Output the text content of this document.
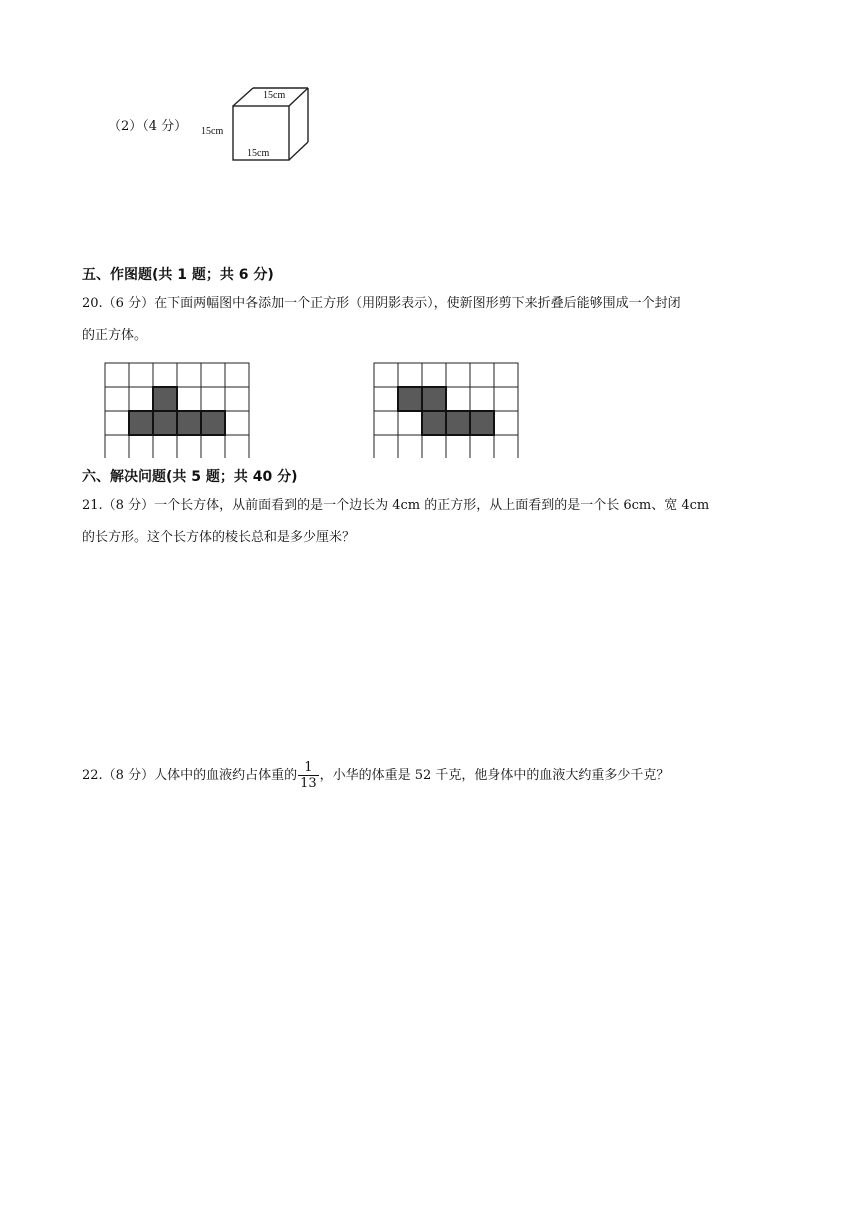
（2）（4 分）
15cm
15cm
15cm
五、作图题(共 1 题；共 6 分)
20.（6 分）在下面两幅图中各添加一个正方形（用阴影表示），使新图形剪下来折叠后能够围成一个封闭
的正方体。
六、解决问题(共 5 题；共 40 分)
21.（8 分）一个长方体，从前面看到的是一个边长为 4cm 的正方形，从上面看到的是一个长 6cm、宽 4cm
的长方形。这个长方体的棱长总和是多少厘米？
22.（8 分）人体中的血液约占体重的 $\frac{1}{13}$ ，小华的体重是 52 千克，他身体中的血液大约重多少千克？
